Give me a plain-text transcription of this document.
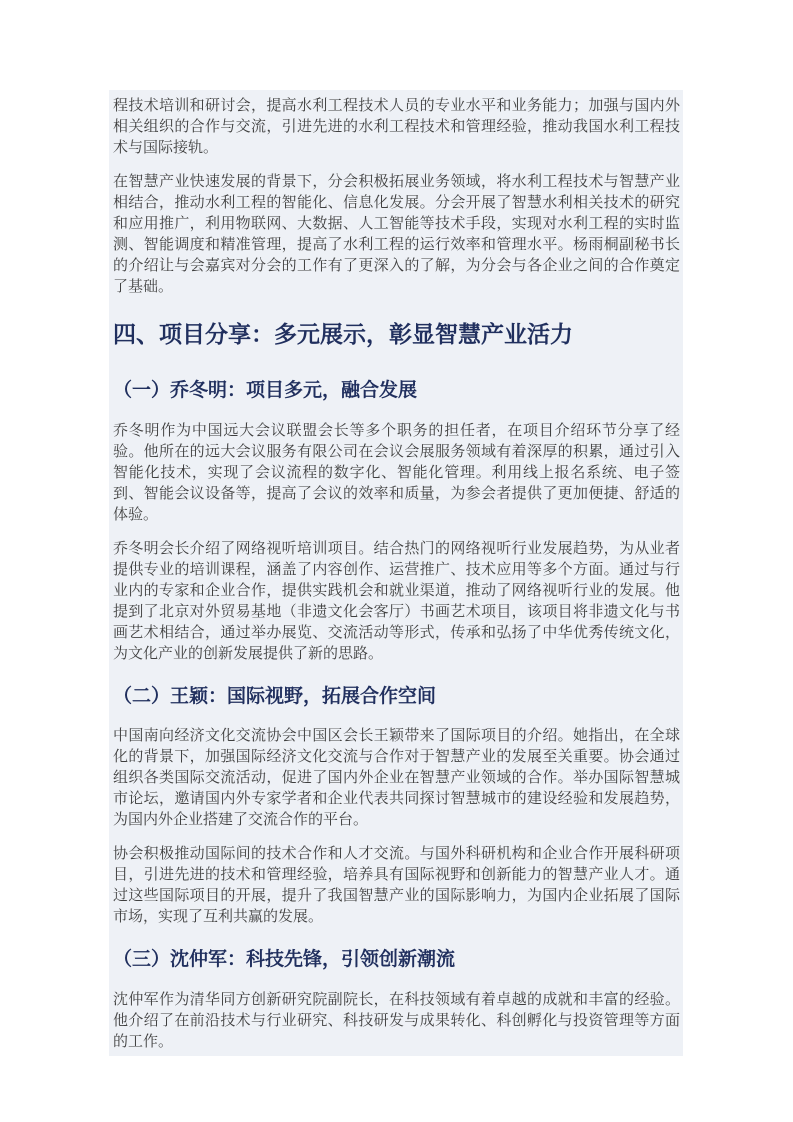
程技术培训和研讨会，提高水利工程技术人员的专业水平和业务能力；加强与国内外相关组织的合作与交流，引进先进的水利工程技术和管理经验，推动我国水利工程技术与国际接轨。

在智慧产业快速发展的背景下，分会积极拓展业务领域，将水利工程技术与智慧产业相结合，推动水利工程的智能化、信息化发展。分会开展了智慧水利相关技术的研究和应用推广，利用物联网、大数据、人工智能等技术手段，实现对水利工程的实时监测、智能调度和精准管理，提高了水利工程的运行效率和管理水平。杨雨桐副秘书长的介绍让与会嘉宾对分会的工作有了更深入的了解，为分会与各企业之间的合作奠定了基础。

四、项目分享：多元展示，彰显智慧产业活力
（一）乔冬明：项目多元，融合发展

乔冬明作为中国远大会议联盟会长等多个职务的担任者，在项目介绍环节分享了经验。他所在的远大会议服务有限公司在会议会展服务领域有着深厚的积累，通过引入智能化技术，实现了会议流程的数字化、智能化管理。利用线上报名系统、电子签到、智能会议设备等，提高了会议的效率和质量，为参会者提供了更加便捷、舒适的体验。

乔冬明会长介绍了网络视听培训项目。结合热门的网络视听行业发展趋势，为从业者提供专业的培训课程，涵盖了内容创作、运营推广、技术应用等多个方面。通过与行业内的专家和企业合作，提供实践机会和就业渠道，推动了网络视听行业的发展。他提到了北京对外贸易基地（非遗文化会客厅）书画艺术项目，该项目将非遗文化与书画艺术相结合，通过举办展览、交流活动等形式，传承和弘扬了中华优秀传统文化，为文化产业的创新发展提供了新的思路。

（二）王颖：国际视野，拓展合作空间

中国南向经济文化交流协会中国区会长王颖带来了国际项目的介绍。她指出，在全球化的背景下，加强国际经济文化交流与合作对于智慧产业的发展至关重要。协会通过组织各类国际交流活动，促进了国内外企业在智慧产业领域的合作。举办国际智慧城市论坛，邀请国内外专家学者和企业代表共同探讨智慧城市的建设经验和发展趋势，为国内外企业搭建了交流合作的平台。

协会积极推动国际间的技术合作和人才交流。与国外科研机构和企业合作开展科研项目，引进先进的技术和管理经验，培养具有国际视野和创新能力的智慧产业人才。通过这些国际项目的开展，提升了我国智慧产业的国际影响力，为国内企业拓展了国际市场，实现了互利共赢的发展。

（三）沈仲军：科技先锋，引领创新潮流

沈仲军作为清华同方创新研究院副院长，在科技领域有着卓越的成就和丰富的经验。他介绍了在前沿技术与行业研究、科技研发与成果转化、科创孵化与投资管理等方面的工作。
